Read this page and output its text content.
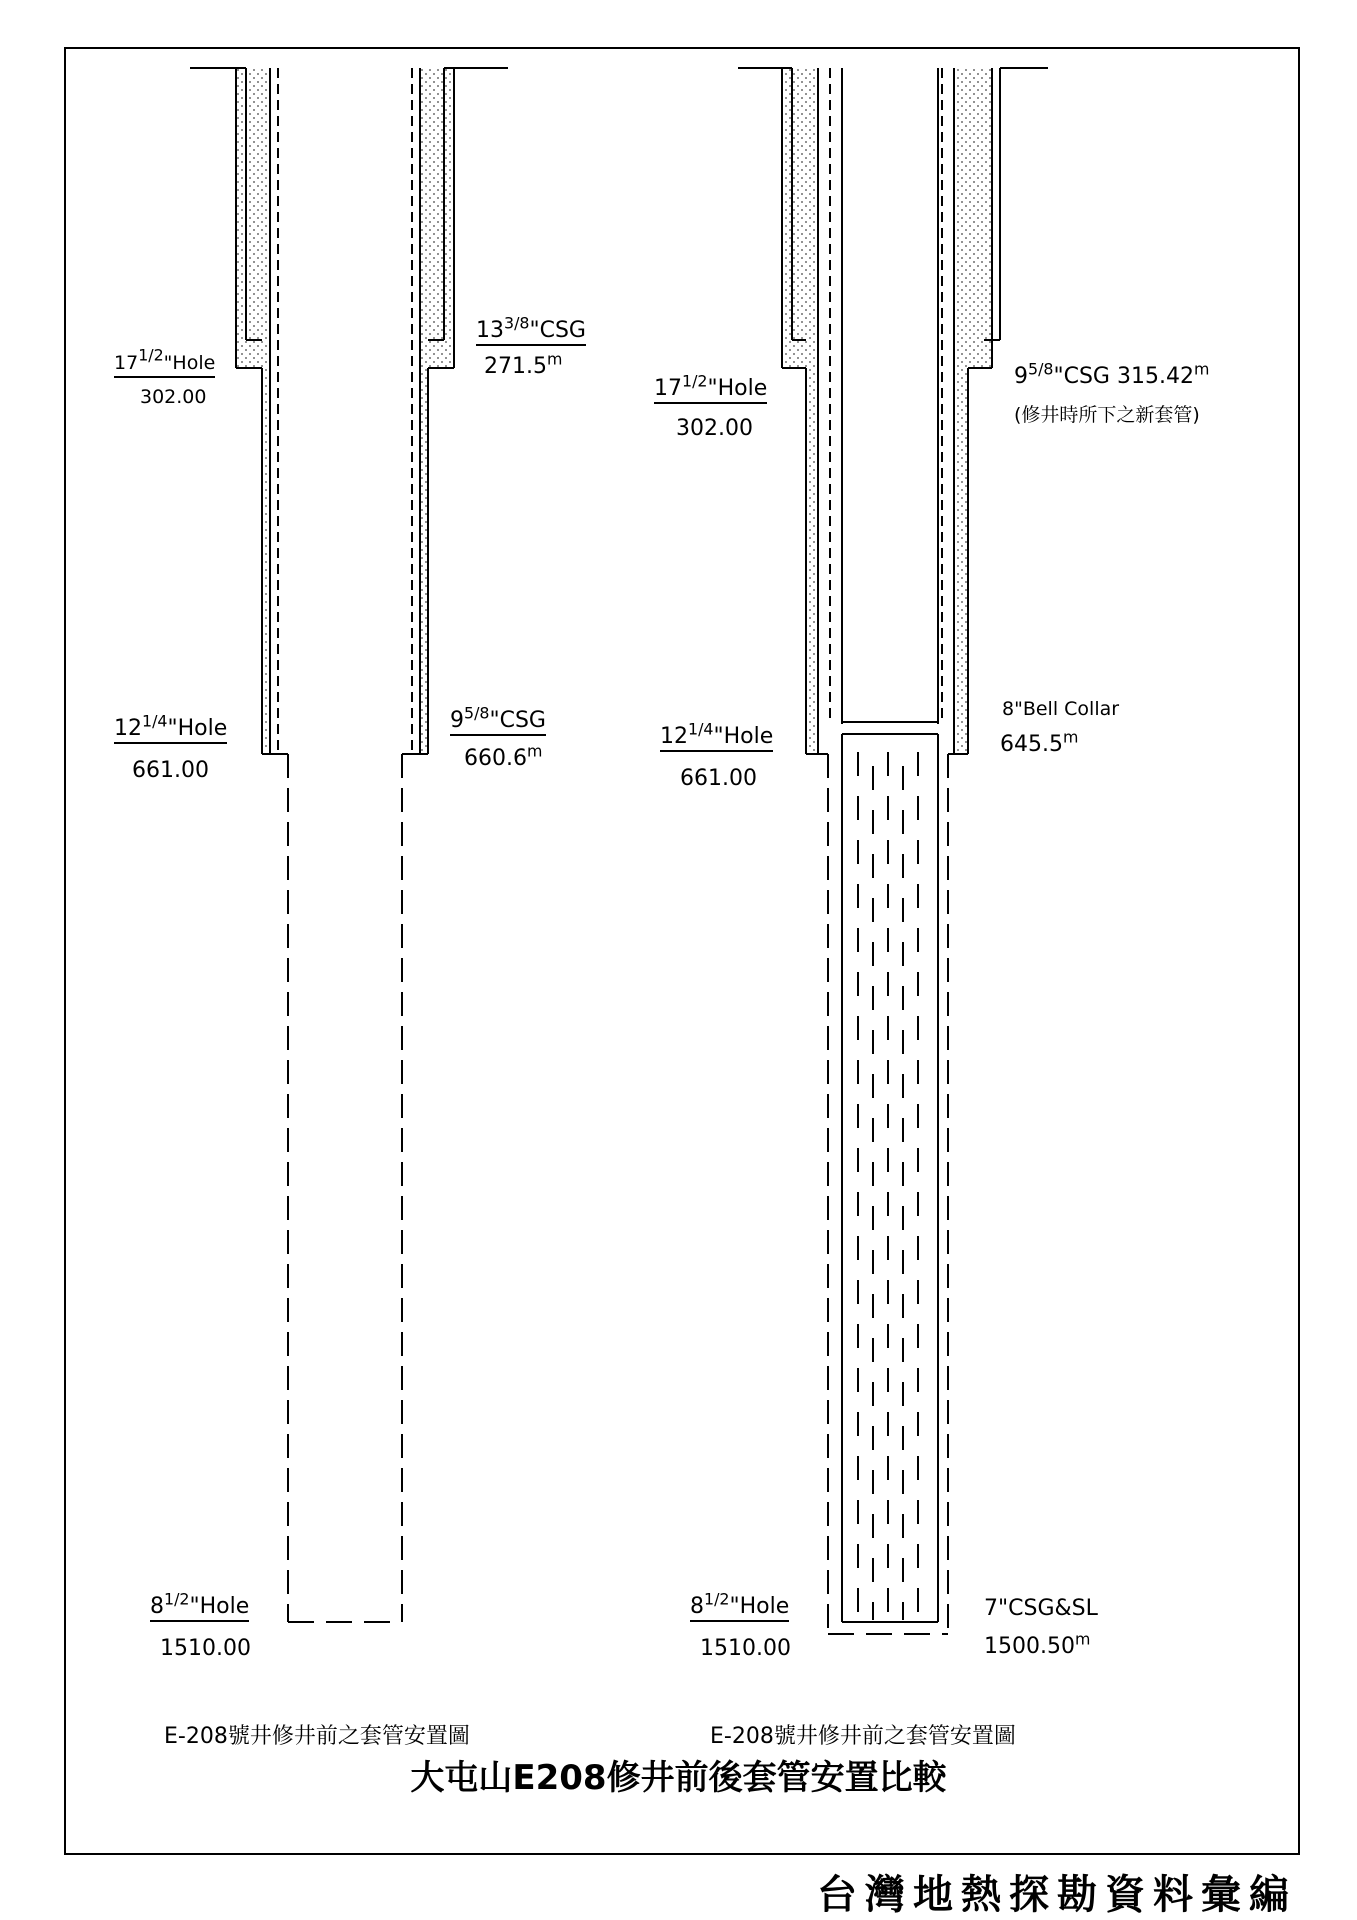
$17^{1/2}"Hole$
302.00
$13^{3/8}"CSG$
271.5$^m$
$12^{1/4}"Hole$
661.00
$9^{5/8}"CSG$
660.6$^m$
$8^{1/2}"Hole$
1510.00
E-208號井修井前之套管安置圖
$17^{1/2}"Hole$
302.00
$9^{5/8}"CSG$ 315.42$^m$
(修井時所下之新套管)
8"Bell Collar
645.5$^m$
$12^{1/4}"Hole$
661.00
$8^{1/2}"Hole$
1510.00
7"CSG&SL
1500.50$^m$
E-208號井修井前之套管安置圖
大屯山E208修井前後套管安置比較
台灣地熱探勘資料彙編
